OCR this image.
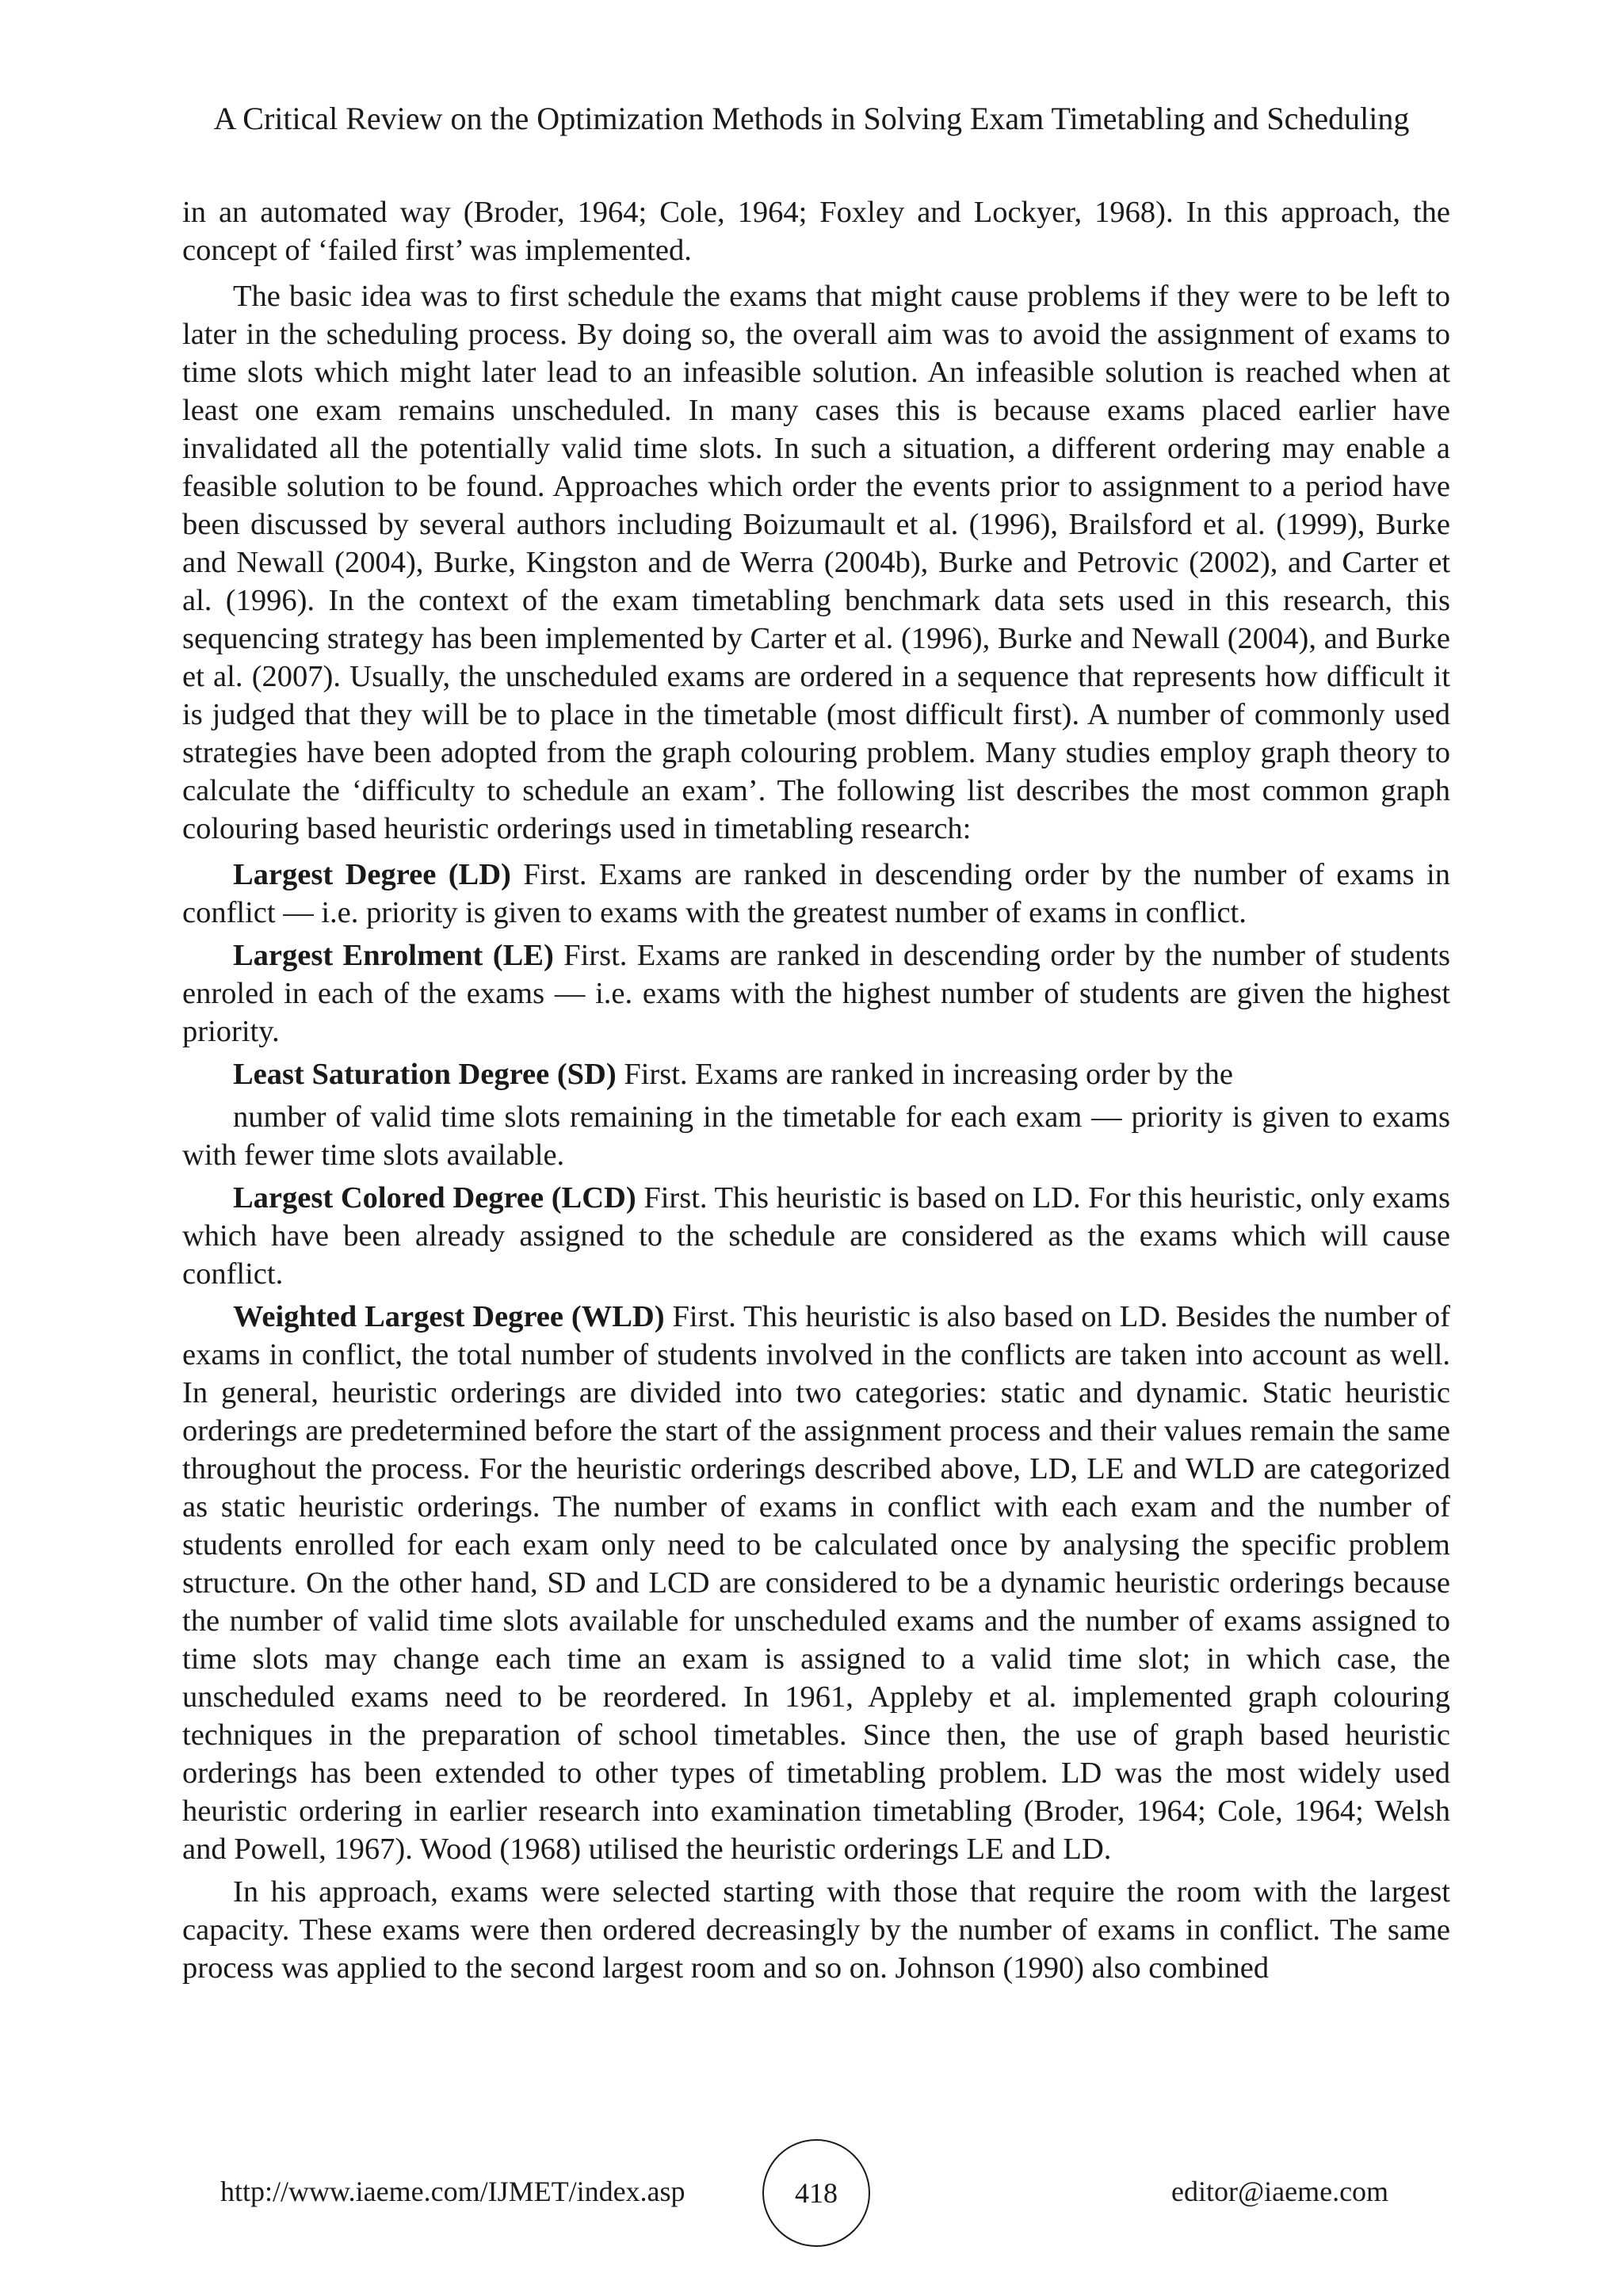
A Critical Review on the Optimization Methods in Solving Exam Timetabling and Scheduling

in an automated way (Broder, 1964; Cole, 1964; Foxley and Lockyer, 1968). In this approach, the concept of ‘failed first’ was implemented.

The basic idea was to first schedule the exams that might cause problems if they were to be left to later in the scheduling process. By doing so, the overall aim was to avoid the assignment of exams to time slots which might later lead to an infeasible solution. An infeasible solution is reached when at least one exam remains unscheduled. In many cases this is because exams placed earlier have invalidated all the potentially valid time slots. In such a situation, a different ordering may enable a feasible solution to be found. Approaches which order the events prior to assignment to a period have been discussed by several authors including Boizumault et al. (1996), Brailsford et al. (1999), Burke and Newall (2004), Burke, Kingston and de Werra (2004b), Burke and Petrovic (2002), and Carter et al. (1996). In the context of the exam timetabling benchmark data sets used in this research, this sequencing strategy has been implemented by Carter et al. (1996), Burke and Newall (2004), and Burke et al. (2007). Usually, the unscheduled exams are ordered in a sequence that represents how difficult it is judged that they will be to place in the timetable (most difficult first). A number of commonly used strategies have been adopted from the graph colouring problem. Many studies employ graph theory to calculate the ‘difficulty to schedule an exam’. The following list describes the most common graph colouring based heuristic orderings used in timetabling research:

Largest Degree (LD) First. Exams are ranked in descending order by the number of exams in conflict — i.e. priority is given to exams with the greatest number of exams in conflict.

Largest Enrolment (LE) First. Exams are ranked in descending order by the number of students enroled in each of the exams — i.e. exams with the highest number of students are given the highest priority.

Least Saturation Degree (SD) First. Exams are ranked in increasing order by the

number of valid time slots remaining in the timetable for each exam — priority is given to exams with fewer time slots available.

Largest Colored Degree (LCD) First. This heuristic is based on LD. For this heuristic, only exams which have been already assigned to the schedule are considered as the exams which will cause conflict.

Weighted Largest Degree (WLD) First. This heuristic is also based on LD. Besides the number of exams in conflict, the total number of students involved in the conflicts are taken into account as well. In general, heuristic orderings are divided into two categories: static and dynamic. Static heuristic orderings are predetermined before the start of the assignment process and their values remain the same throughout the process. For the heuristic orderings described above, LD, LE and WLD are categorized as static heuristic orderings. The number of exams in conflict with each exam and the number of students enrolled for each exam only need to be calculated once by analysing the specific problem structure. On the other hand, SD and LCD are considered to be a dynamic heuristic orderings because the number of valid time slots available for unscheduled exams and the number of exams assigned to time slots may change each time an exam is assigned to a valid time slot; in which case, the unscheduled exams need to be reordered. In 1961, Appleby et al. implemented graph colouring techniques in the preparation of school timetables. Since then, the use of graph based heuristic orderings has been extended to other types of timetabling problem. LD was the most widely used heuristic ordering in earlier research into examination timetabling (Broder, 1964; Cole, 1964; Welsh and Powell, 1967). Wood (1968) utilised the heuristic orderings LE and LD.

In his approach, exams were selected starting with those that require the room with the largest capacity. These exams were then ordered decreasingly by the number of exams in conflict. The same process was applied to the second largest room and so on. Johnson (1990) also combined

http://www.iaeme.com/IJMET/index.asp	418	editor@iaeme.com
